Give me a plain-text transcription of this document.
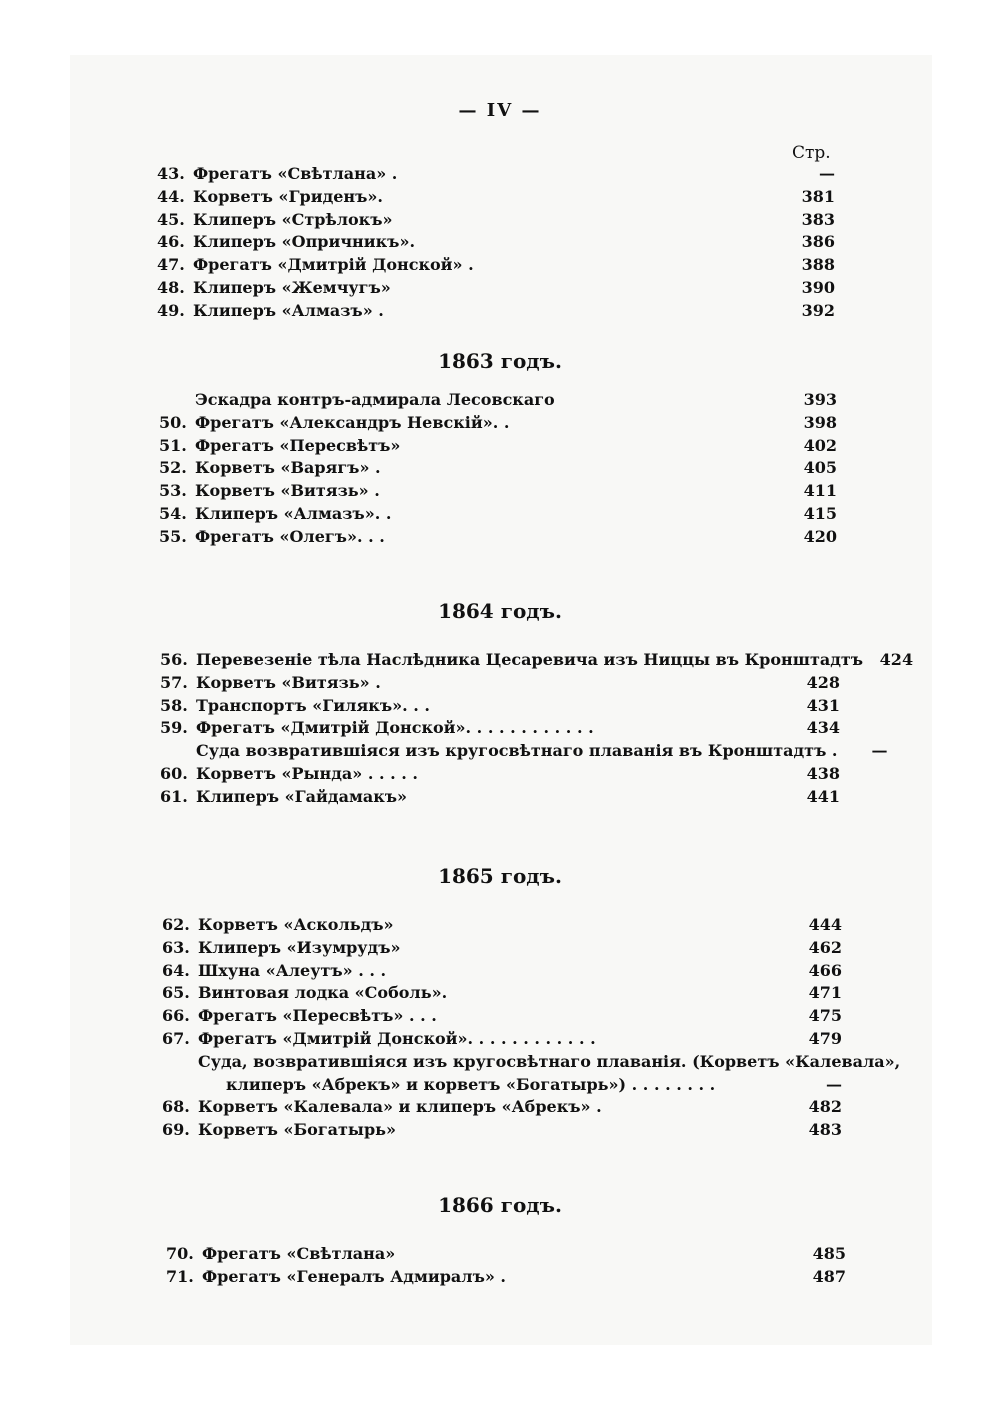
— IV —
Стр.
43. Фрегатъ «Свѣтлана» .	—
44. Корветъ «Гриденъ».	381
45. Клиперъ «Стрѣлокъ»	383
46. Клиперъ «Опричникъ».	386
47. Фрегатъ «Дмитрій Донской» .	388
48. Клиперъ «Жемчугъ»	390
49. Клиперъ «Алмазъ» .	392
1863 годъ.
Эскадра контръ-адмирала Лесовскаго	393
50. Фрегатъ «Александръ Невскій». .	398
51. Фрегатъ «Пересвѣтъ»	402
52. Корветъ «Варягъ» .	405
53. Корветъ «Витязь» .	411
54. Клиперъ «Алмазъ». .	415
55. Фрегатъ «Олегъ». . .	420
1864 годъ.
56. Перевезеніе тѣла Наслѣдника Цесаревича изъ Ниццы въ Кронштадтъ	424
57. Корветъ «Витязь» .	428
58. Транспортъ «Гилякъ». . .	431
59. Фрегатъ «Дмитрій Донской». . . . . . . . . . . .	434
Суда возвратившіяся изъ кругосвѣтнаго плаванія въ Кронштадтъ .	—
60. Корветъ «Рында» . . . . .	438
61. Клиперъ «Гайдамакъ»	441
1865 годъ.
62. Корветъ «Аскольдъ»	444
63. Клиперъ «Изумрудъ»	462
64. Шхуна «Алеутъ» . . .	466
65. Винтовая лодка «Соболь».	471
66. Фрегатъ «Пересвѣтъ» . . .	475
67. Фрегатъ «Дмитрій Донской». . . . . . . . . . . .	479
Суда, возвратившіяся изъ кругосвѣтнаго плаванія. (Корветъ «Калевала»,
клиперъ «Абрекъ» и корветъ «Богатырь») . . . . . . . .	—
68. Корветъ «Калевала» и клиперъ «Абрекъ» .	482
69. Корветъ «Богатырь»	483
1866 годъ.
70. Фрегатъ «Свѣтлана»	485
71. Фрегатъ «Генералъ Адмиралъ» .	487
